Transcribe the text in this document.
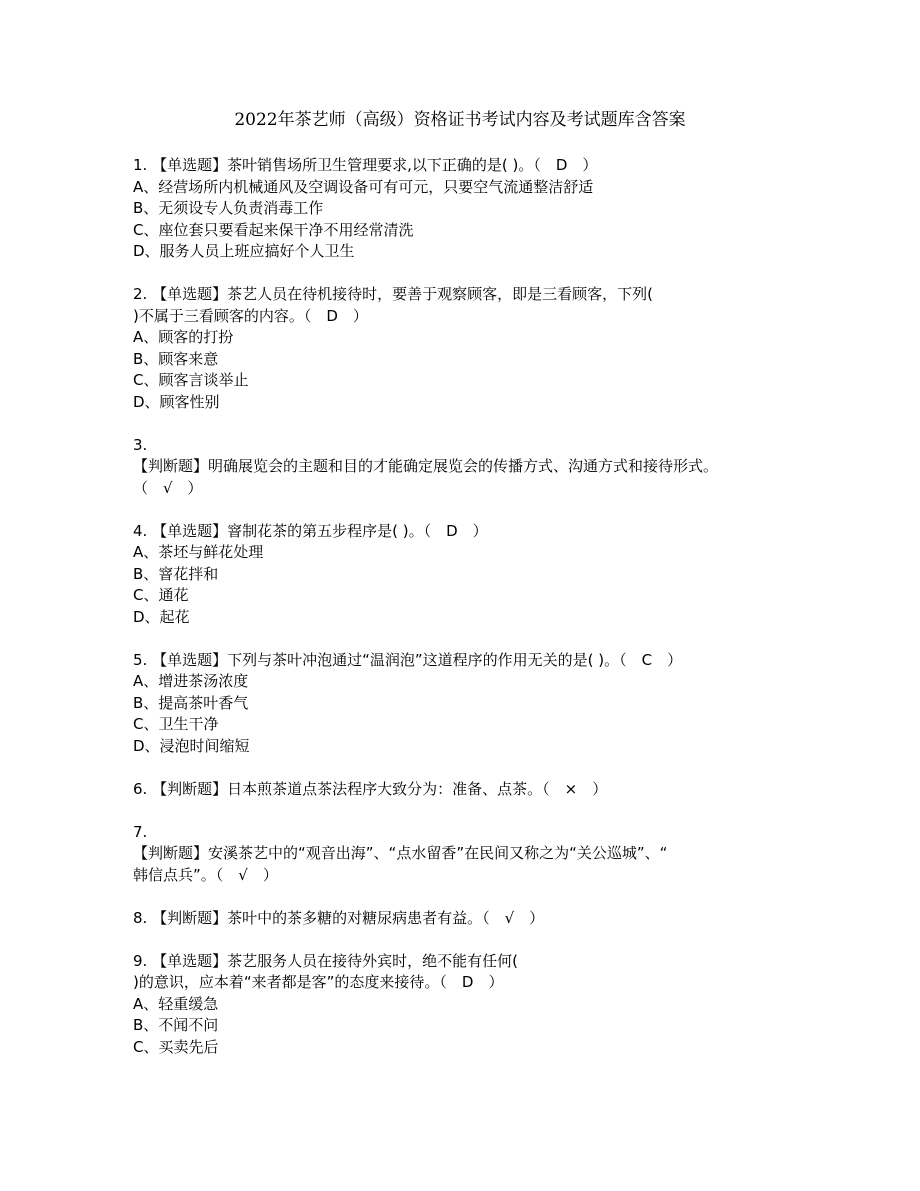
2022年茶艺师（高级）资格证书考试内容及考试题库含答案
1. 【单选题】茶叶销售场所卫生管理要求,以下正确的是( )。（　D　）
A、经营场所内机械通风及空调设备可有可元，只要空气流通整洁舒适
B、无须设专人负责消毒工作
C、座位套只要看起来保干净不用经常清洗
D、服务人员上班应搞好个人卫生
2. 【单选题】茶艺人员在待机接待时，要善于观察顾客，即是三看顾客，下列(
)不属于三看顾客的内容。（　D　）
A、顾客的打扮
B、顾客来意
C、顾客言谈举止
D、顾客性别
3.
【判断题】明确展览会的主题和目的才能确定展览会的传播方式、沟通方式和接待形式。
（　√　）
4. 【单选题】窨制花茶的第五步程序是( )。（　D　）
A、茶坯与鲜花处理
B、窨花拌和
C、通花
D、起花
5. 【单选题】下列与茶叶冲泡通过“温润泡”这道程序的作用无关的是( )。（　C　）
A、增进茶汤浓度
B、提高茶叶香气
C、卫生干净
D、浸泡时间缩短
6. 【判断题】日本煎茶道点茶法程序大致分为：准备、点茶。（　×　）
7.
【判断题】安溪茶艺中的“观音出海”、“点水留香”在民间又称之为“关公巡城”、“
韩信点兵”。（　√　）
8. 【判断题】茶叶中的茶多糖的对糖尿病患者有益。（　√　）
9. 【单选题】茶艺服务人员在接待外宾时，绝不能有任何(
)的意识，应本着“来者都是客”的态度来接待。（　D　）
A、轻重缓急
B、不闻不问
C、买卖先后
